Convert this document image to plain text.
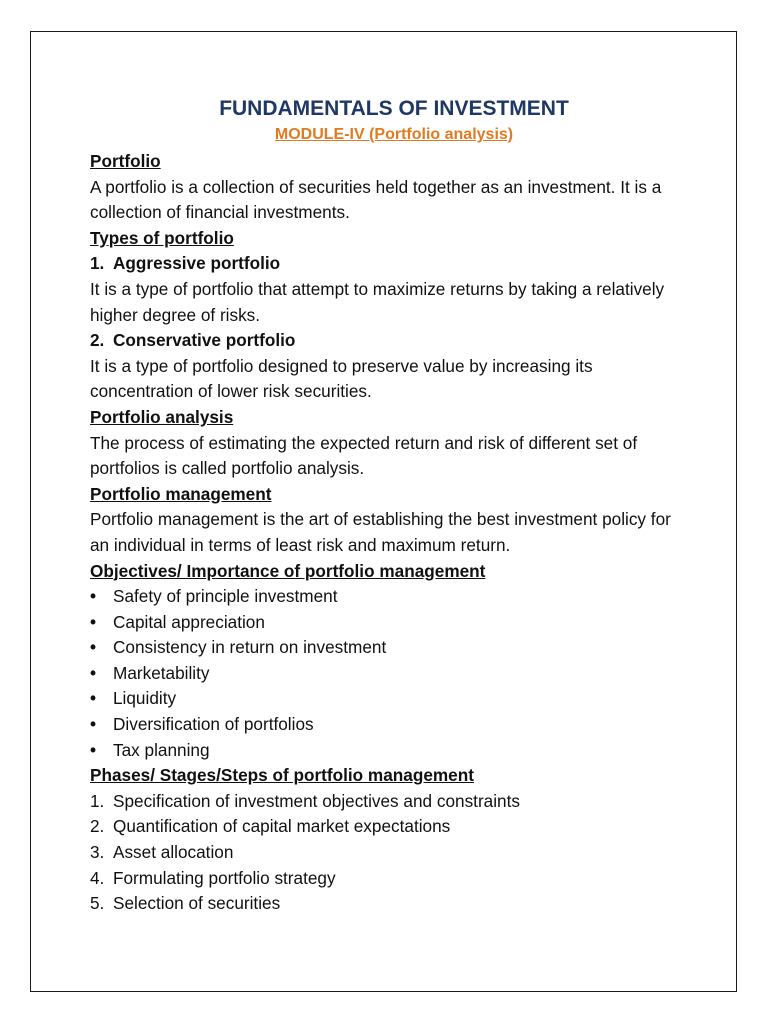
FUNDAMENTALS OF INVESTMENT
MODULE-IV (Portfolio analysis)
Portfolio

A portfolio is a collection of securities held together as an investment. It is a collection of financial investments.

Types of portfolio
1. Aggressive portfolio

It is a type of portfolio that attempt to maximize returns by taking a relatively higher degree of risks.

2. Conservative portfolio

It is a type of portfolio designed to preserve value by increasing its concentration of lower risk securities.

Portfolio analysis

The process of estimating the expected return and risk of different set of portfolios is called portfolio analysis.

Portfolio management

Portfolio management is the art of establishing the best investment policy for an individual in terms of least risk and maximum return.

Objectives/ Importance of portfolio management
• Safety of principle investment
• Capital appreciation
• Consistency in return on investment
• Marketability
• Liquidity
• Diversification of portfolios
• Tax planning
Phases/ Stages/Steps of portfolio management
1. Specification of investment objectives and constraints
2. Quantification of capital market expectations
3. Asset allocation
4. Formulating portfolio strategy
5. Selection of securities
